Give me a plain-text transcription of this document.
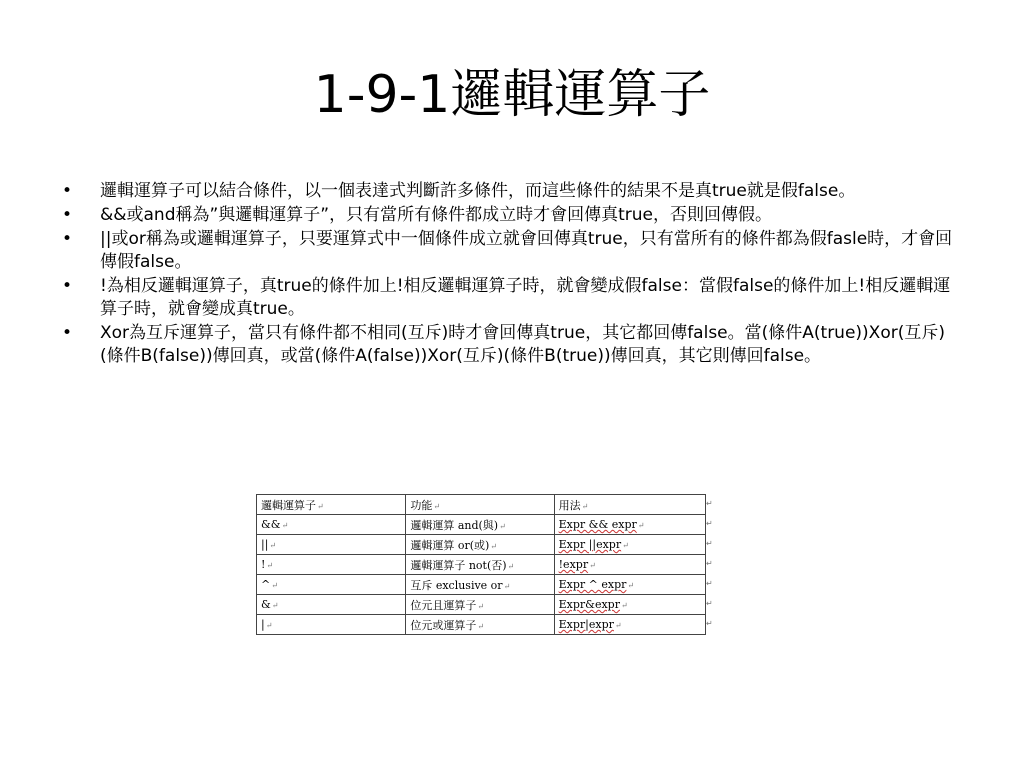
1-9-1邏輯運算子
•	邏輯運算子可以結合條件，以一個表達式判斷許多條件，而這些條件的結果不是真true就是假false。
•	&&或and稱為”與邏輯運算子”，只有當所有條件都成立時才會回傳真true，否則回傳假。
•	||或or稱為或邏輯運算子，只要運算式中一個條件成立就會回傳真true，只有當所有的條件都為假fasle時，才會回傳假false。
•	!為相反邏輯運算子，真true的條件加上!相反邏輯運算子時，就會變成假false：當假false的條件加上!相反邏輯運算子時，就會變成真true。
•	Xor為互斥運算子，當只有條件都不相同(互斥)時才會回傳真true，其它都回傳false。當(條件A(true))Xor(互斥)(條件B(false))傳回真，或當(條件A(false))Xor(互斥)(條件B(true))傳回真，其它則傳回false。
邏輯運算子↵	功能↵	用法↵
&&↵	邏輯運算 and(與)↵	Expr && expr↵
||↵	邏輯運算 or(或)↵	Expr ||expr↵
!↵	邏輯運算子 not(否)↵	!expr↵
^↵	互斥 exclusive or↵	Expr ^ expr↵
&↵	位元且運算子↵	Expr&expr↵
|↵	位元或運算子↵	Expr|expr↵
↵
↵
↵
↵
↵
↵
↵
